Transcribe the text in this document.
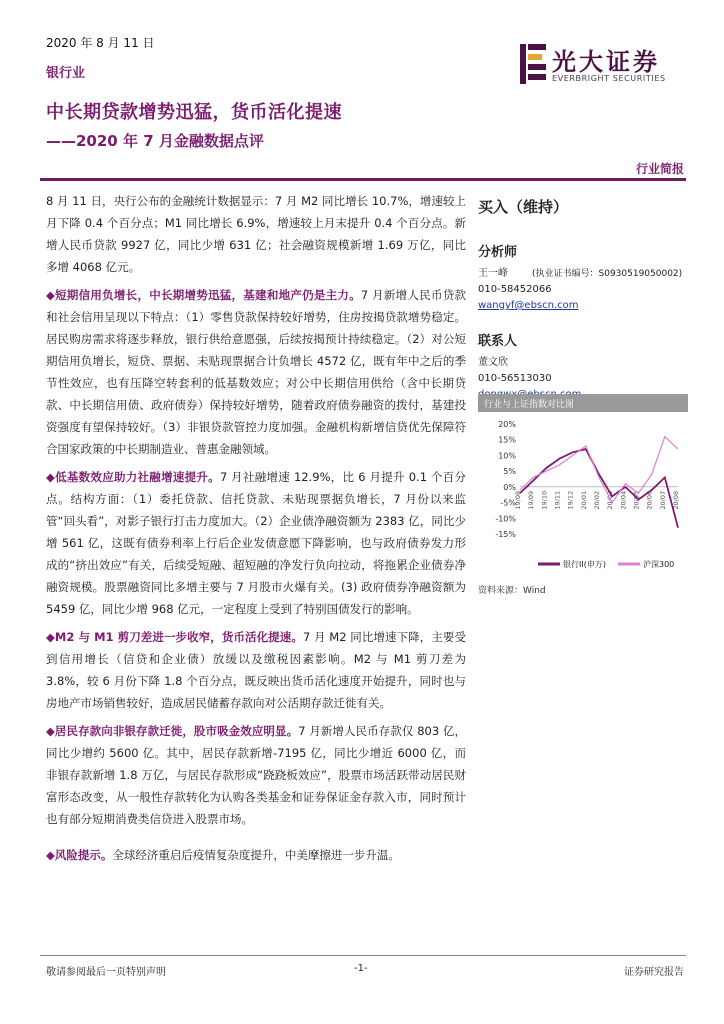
2020 年 8 月 11 日
银行业
中长期贷款增势迅猛，货币活化提速
——2020 年 7 月金融数据点评
光大证券
EVERBRIGHT SECURITIES
行业简报

8 月 11 日，央行公布的金融统计数据显示：7 月 M2 同比增长 10.7%，增速较上月下降 0.4 个百分点；M1 同比增长 6.9%，增速较上月末提升 0.4 个百分点。新增人民币贷款 9927 亿，同比少增 631 亿；社会融资规模新增 1.69 万亿，同比多增 4068 亿元。

◆短期信用负增长，中长期增势迅猛，基建和地产仍是主力。7 月新增人民币贷款和社会信用呈现以下特点：（1）零售贷款保持较好增势，住房按揭贷款增势稳定。居民购房需求将逐步释放，银行供给意愿强，后续按揭预计持续稳定。（2）对公短期信用负增长，短贷、票据、未贴现票据合计负增长 4572 亿，既有年中之后的季节性效应，也有压降空转套利的低基数效应；对公中长期信用供给（含中长期贷款、中长期信用债、政府债券）保持较好增势，随着政府债券融资的拨付，基建投资强度有望保持较好。（3）非银贷款管控力度加强。金融机构新增信贷优先保障符合国家政策的中长期制造业、普惠金融领域。

◆低基数效应助力社融增速提升。7 月社融增速 12.9%，比 6 月提升 0.1 个百分点。结构方面：（1）委托贷款、信托贷款、未贴现票据负增长，7 月份以来监管“回头看”，对影子银行打击力度加大。（2）企业债净融资额为 2383 亿，同比少增 561 亿，这既有债券利率上行后企业发债意愿下降影响，也与政府债券发力形成的“挤出效应”有关，后续受短融、超短融的净发行负向拉动，将拖累企业债券净融资规模。股票融资同比多增主要与 7 月股市火爆有关。(3) 政府债券净融资额为 5459 亿，同比少增 968 亿元，一定程度上受到了特别国债发行的影响。

◆M2 与 M1 剪刀差进一步收窄，货币活化提速。7 月 M2 同比增速下降，主要受到信用增长（信贷和企业债）放缓以及缴税因素影响。M2 与 M1 剪刀差为 3.8%，较 6 月份下降 1.8 个百分点，既反映出货币活化速度开始提升，同时也与房地产市场销售较好，造成居民储蓄存款向对公活期存款迁徙有关。

◆居民存款向非银存款迁徙，股市吸金效应明显。7 月新增人民币存款仅 803 亿，同比少增约 5600 亿。其中，居民存款新增-7195 亿，同比少增近 6000 亿，而非银存款新增 1.8 万亿，与居民存款形成“跷跷板效应”，股票市场活跃带动居民财富形态改变，从一般性存款转化为认购各类基金和证券保证金存款入市，同时预计也有部分短期消费类信贷进入股票市场。

◆风险提示。全球经济重启后疫情复杂度提升，中美摩擦进一步升温。

买入（维持）
分析师
王一峰	(执业证书编号：S0930519050002)
010-58452066
wangyf@ebscn.com
联系人
董文欣
010-56513030
行业与上证指数对比图
20%
15%
10%
5%
0%
-5%
-10%
-15%
19/08 19/09 19/10 19/11 19/12 20/01 20/02 20/03 20/04 20/05 20/06 20/07 20/08
银行II(申万)	沪深300
资料来源：Wind
敬请参阅最后一页特别声明	-1-	证券研究报告
